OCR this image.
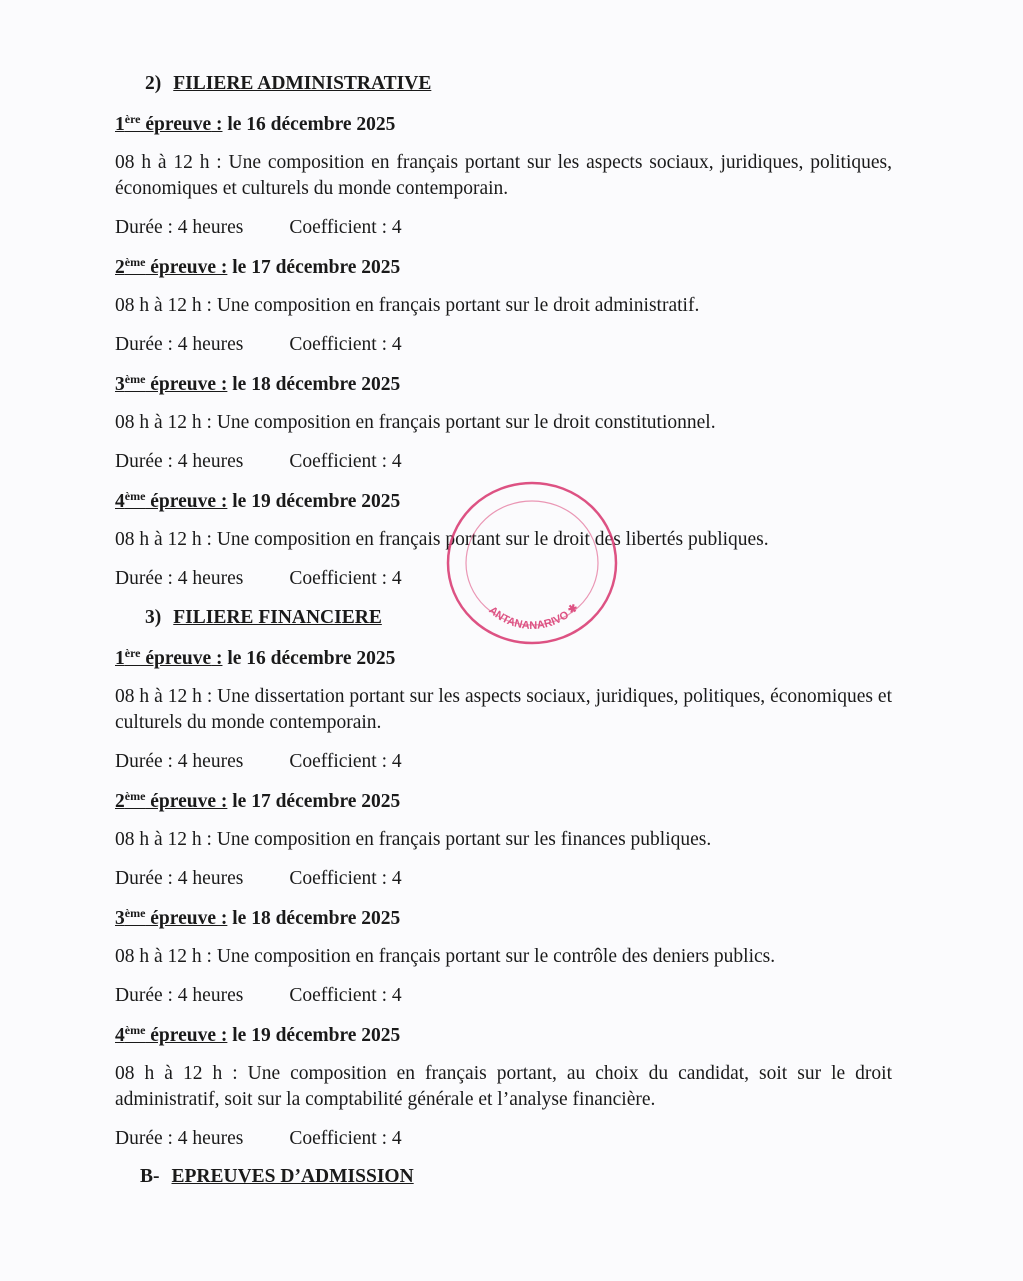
2) FILIERE ADMINISTRATIVE
1ère épreuve : le 16 décembre 2025
08 h à 12 h : Une composition en français portant sur les aspects sociaux, juridiques, politiques, économiques et culturels du monde contemporain.
Durée : 4 heures Coefficient : 4
2ème épreuve : le 17 décembre 2025
08 h à 12 h : Une composition en français portant sur le droit administratif.
Durée : 4 heures Coefficient : 4
3ème épreuve : le 18 décembre 2025
08 h à 12 h : Une composition en français portant sur le droit constitutionnel.
Durée : 4 heures Coefficient : 4
4ème épreuve : le 19 décembre 2025
08 h à 12 h : Une composition en français portant sur le droit des libertés publiques.
Durée : 4 heures Coefficient : 4
3) FILIERE FINANCIERE
1ère épreuve : le 16 décembre 2025
08 h à 12 h : Une dissertation portant sur les aspects sociaux, juridiques, politiques, économiques et culturels du monde contemporain.
Durée : 4 heures Coefficient : 4
2ème épreuve : le 17 décembre 2025
08 h à 12 h : Une composition en français portant sur les finances publiques.
Durée : 4 heures Coefficient : 4
3ème épreuve : le 18 décembre 2025
08 h à 12 h : Une composition en français portant sur le contrôle des deniers publics.
Durée : 4 heures Coefficient : 4
4ème épreuve : le 19 décembre 2025
08 h à 12 h : Une composition en français portant, au choix du candidat, soit sur le droit administratif, soit sur la comptabilité générale et l’analyse financière.
Durée : 4 heures Coefficient : 4
B- EPREUVES D’ADMISSION
ANTANANARIVO ✱
